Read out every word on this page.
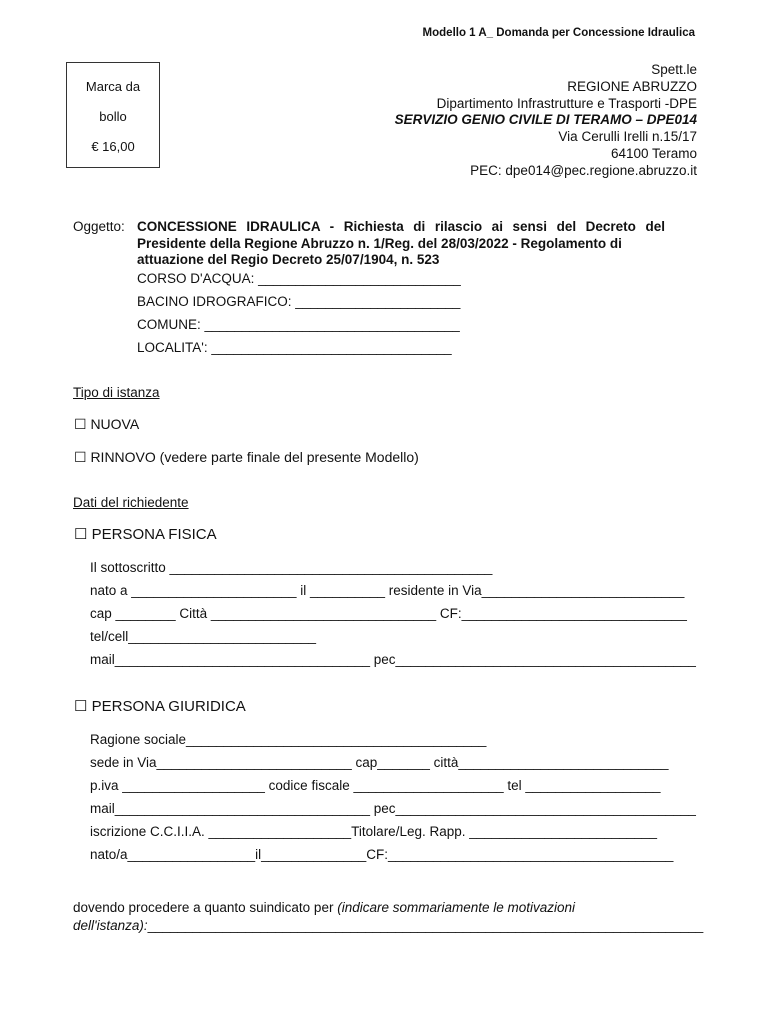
Modello 1 A_ Domanda per Concessione Idraulica
Marca da
bollo
€ 16,00
Spett.le
REGIONE ABRUZZO
Dipartimento Infrastrutture e Trasporti -DPE
SERVIZIO GENIO CIVILE DI TERAMO – DPE014
Via Cerulli Irelli n.15/17
64100 Teramo
PEC: dpe014@pec.regione.abruzzo.it
Oggetto: CONCESSIONE IDRAULICA - Richiesta di rilascio ai sensi del Decreto del Presidente della Regione Abruzzo n. 1/Reg. del 28/03/2022 - Regolamento di
attuazione del Regio Decreto 25/07/1904, n. 523
CORSO D'ACQUA: ___________________________
BACINO IDROGRAFICO: ______________________
COMUNE: __________________________________
LOCALITA': ________________________________
Tipo di istanza
☐ NUOVA
☐ RINNOVO (vedere parte finale del presente Modello)
Dati del richiedente
☐ PERSONA FISICA
Il sottoscritto ___________________________________________
nato a ______________________ il __________ residente in Via___________________________
cap ________ Città ______________________________ CF:______________________________
tel/cell_________________________
mail__________________________________ pec________________________________________
☐ PERSONA GIURIDICA
Ragione sociale________________________________________
sede in Via__________________________ cap_______ città____________________________
p.iva ___________________ codice fiscale ____________________ tel __________________
mail__________________________________ pec________________________________________
iscrizione C.C.I.I.A. ___________________Titolare/Leg. Rapp. _________________________
nato/a_________________il______________CF:______________________________________
dovendo procedere a quanto suindicato per (indicare sommariamente le motivazioni
dell'istanza):__________________________________________________________________________
